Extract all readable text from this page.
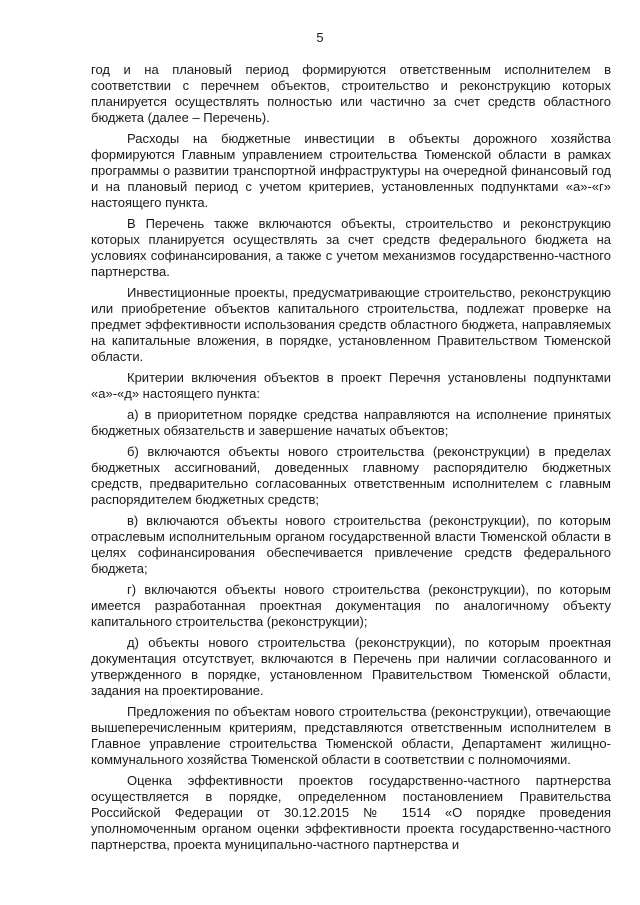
5

год и на плановый период формируются ответственным исполнителем в соответствии с перечнем объектов, строительство и реконструкцию которых планируется осуществлять полностью или частично за счет средств областного бюджета (далее – Перечень).

Расходы на бюджетные инвестиции в объекты дорожного хозяйства формируются Главным управлением строительства Тюменской области в рамках программы о развитии транспортной инфраструктуры на очередной финансовый год и на плановый период с учетом критериев, установленных подпунктами «а»-«г» настоящего пункта.

В Перечень также включаются объекты, строительство и реконструкцию которых планируется осуществлять за счет средств федерального бюджета на условиях софинансирования, а также с учетом механизмов государственно-частного партнерства.

Инвестиционные проекты, предусматривающие строительство, реконструкцию или приобретение объектов капитального строительства, подлежат проверке на предмет эффективности использования средств областного бюджета, направляемых на капитальные вложения, в порядке, установленном Правительством Тюменской области.

Критерии включения объектов в проект Перечня установлены подпунктами «а»-«д» настоящего пункта:

а) в приоритетном порядке средства направляются на исполнение принятых бюджетных обязательств и завершение начатых объектов;

б) включаются объекты нового строительства (реконструкции) в пределах бюджетных ассигнований, доведенных главному распорядителю бюджетных средств, предварительно согласованных ответственным исполнителем с главным распорядителем бюджетных средств;

в) включаются объекты нового строительства (реконструкции), по которым отраслевым исполнительным органом государственной власти Тюменской области в целях софинансирования обеспечивается привлечение средств федерального бюджета;

г) включаются объекты нового строительства (реконструкции), по которым имеется разработанная проектная документация по аналогичному объекту капитального строительства (реконструкции);

д) объекты нового строительства (реконструкции), по которым проектная документация отсутствует, включаются в Перечень при наличии согласованного и утвержденного в порядке, установленном Правительством Тюменской области, задания на проектирование.

Предложения по объектам нового строительства (реконструкции), отвечающие вышеперечисленным критериям, представляются ответственным исполнителем в Главное управление строительства Тюменской области, Департамент жилищно-коммунального хозяйства Тюменской области в соответствии с полномочиями.

Оценка эффективности проектов государственно-частного партнерства осуществляется в порядке, определенном постановлением Правительства Российской Федерации от 30.12.2015 № 1514 «О порядке проведения уполномоченным органом оценки эффективности проекта государственно-частного партнерства, проекта муниципально-частного партнерства и
